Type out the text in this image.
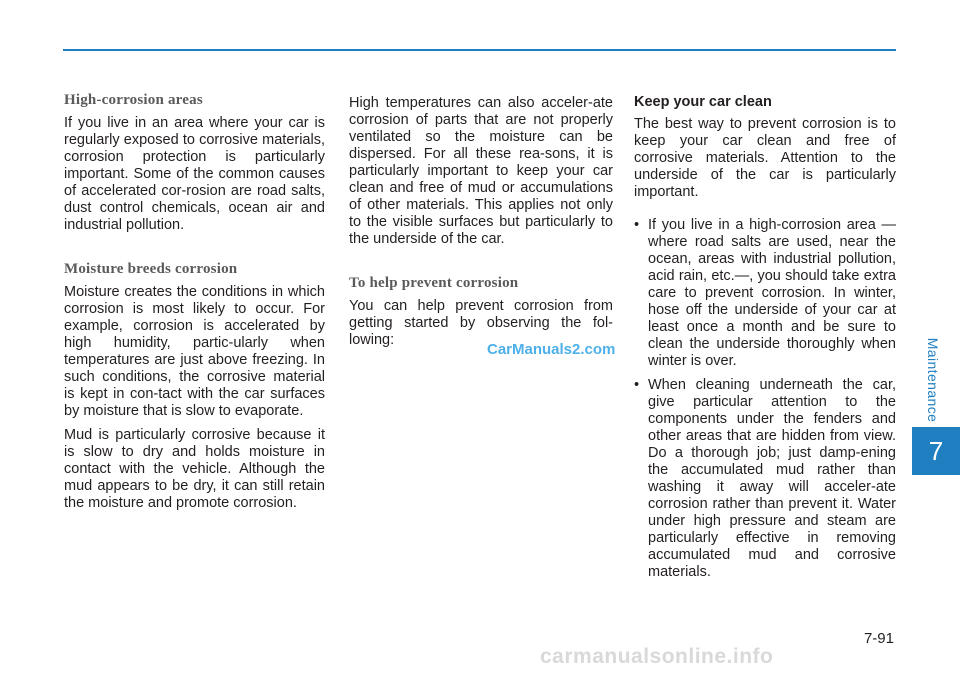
Maintenance
7
High-corrosion areas

If you live in an area where your car is regularly exposed to corrosive materials, corrosion protection is particularly important. Some of the common causes of accelerated cor-rosion are road salts, dust control chemicals, ocean air and industrial pollution.

Moisture breeds corrosion

Moisture creates the conditions in which corrosion is most likely to occur. For example, corrosion is accelerated by high humidity, partic-ularly when temperatures are just above freezing. In such conditions, the corrosive material is kept in con-tact with the car surfaces by moisture that is slow to evaporate.

Mud is particularly corrosive because it is slow to dry and holds moisture in contact with the vehicle. Although the mud appears to be dry, it can still retain the moisture and promote corrosion.

High temperatures can also acceler-ate corrosion of parts that are not properly ventilated so the moisture can be dispersed. For all these rea-sons, it is particularly important to keep your car clean and free of mud or accumulations of other materials. This applies not only to the visible surfaces but particularly to the underside of the car.

To help prevent corrosion

You can help prevent corrosion from getting started by observing the fol-lowing:

Keep your car clean

The best way to prevent corrosion is to keep your car clean and free of corrosive materials. Attention to the underside of the car is particularly important.

• If you live in a high-corrosion area — where road salts are used, near the ocean, areas with industrial pollution, acid rain, etc.—, you should take extra care to prevent corrosion. In winter, hose off the underside of your car at least once a month and be sure to clean the underside thoroughly when winter is over.
• When cleaning underneath the car, give particular attention to the components under the fenders and other areas that are hidden from view. Do a thorough job; just damp-ening the accumulated mud rather than washing it away will acceler-ate corrosion rather than prevent it. Water under high pressure and steam are particularly effective in removing accumulated mud and corrosive materials.
CarManuals2.com
7-91
carmanualsonline.info
